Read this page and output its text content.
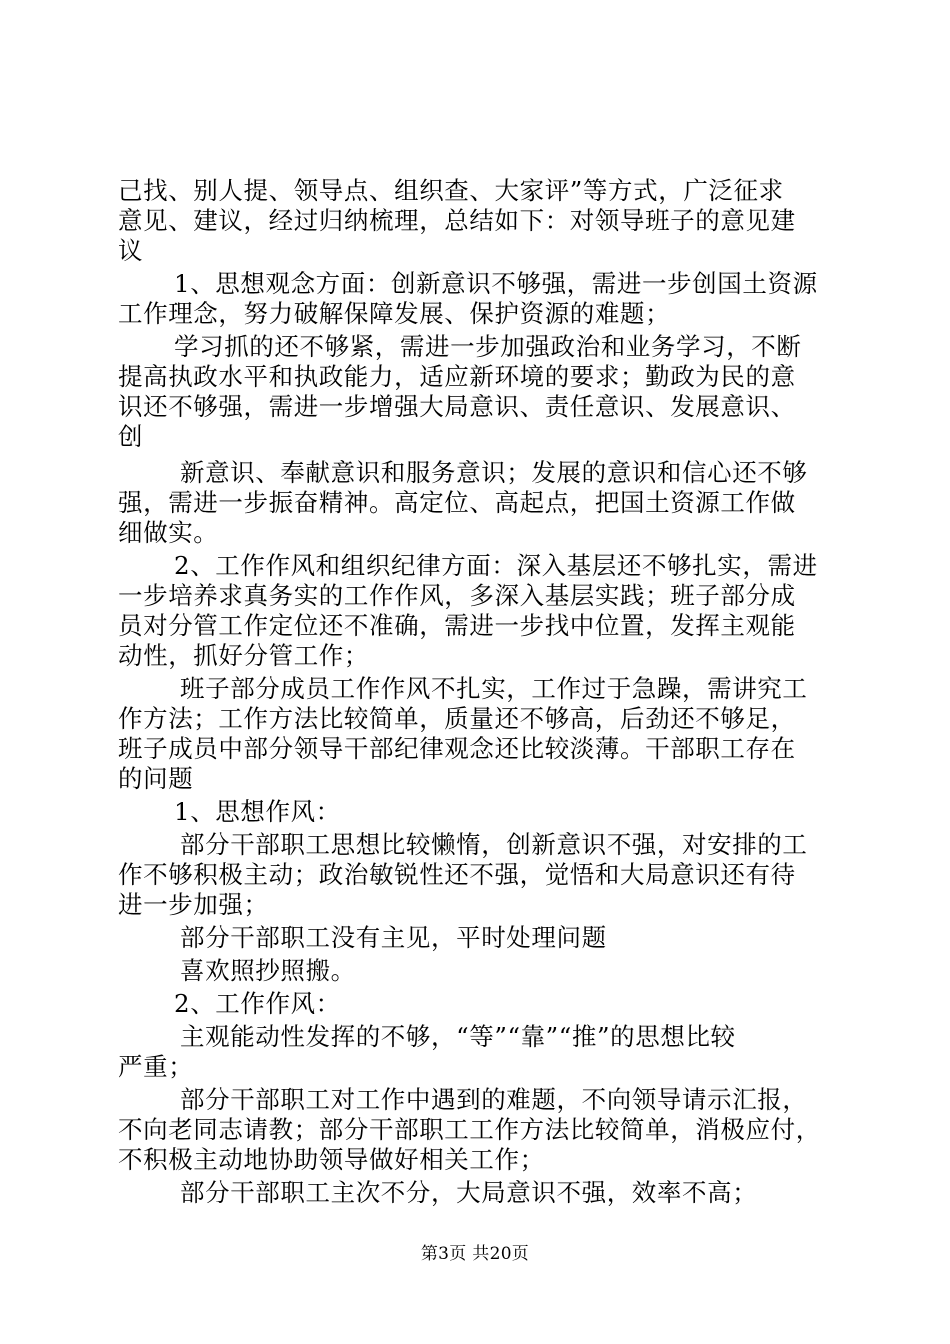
己找、别人提、领导点、组织查、大家评”等方式，广泛征求
意见、建议，经过归纳梳理，总结如下：对领导班子的意见建
议
1、思想观念方面：创新意识不够强，需进一步创国土资源
工作理念，努力破解保障发展、保护资源的难题；
学习抓的还不够紧，需进一步加强政治和业务学习，不断
提高执政水平和执政能力，适应新环境的要求；勤政为民的意
识还不够强，需进一步增强大局意识、责任意识、发展意识、
创
新意识、奉献意识和服务意识；发展的意识和信心还不够
强，需进一步振奋精神。高定位、高起点，把国土资源工作做
细做实。
2、工作作风和组织纪律方面：深入基层还不够扎实，需进
一步培养求真务实的工作作风，多深入基层实践；班子部分成
员对分管工作定位还不准确，需进一步找中位置，发挥主观能
动性，抓好分管工作；
班子部分成员工作作风不扎实，工作过于急躁，需讲究工
作方法；工作方法比较简单，质量还不够高，后劲还不够足，
班子成员中部分领导干部纪律观念还比较淡薄。干部职工存在
的问题
1、思想作风：
部分干部职工思想比较懒惰，创新意识不强，对安排的工
作不够积极主动；政治敏锐性还不强，觉悟和大局意识还有待
进一步加强；
部分干部职工没有主见，平时处理问题
喜欢照抄照搬。
2、工作作风：
主观能动性发挥的不够，“等”“靠”“推”的思想比较
严重；
部分干部职工对工作中遇到的难题，不向领导请示汇报，
不向老同志请教；部分干部职工工作方法比较简单，消极应付，
不积极主动地协助领导做好相关工作；
部分干部职工主次不分，大局意识不强，效率不高；
第3页 共20页
